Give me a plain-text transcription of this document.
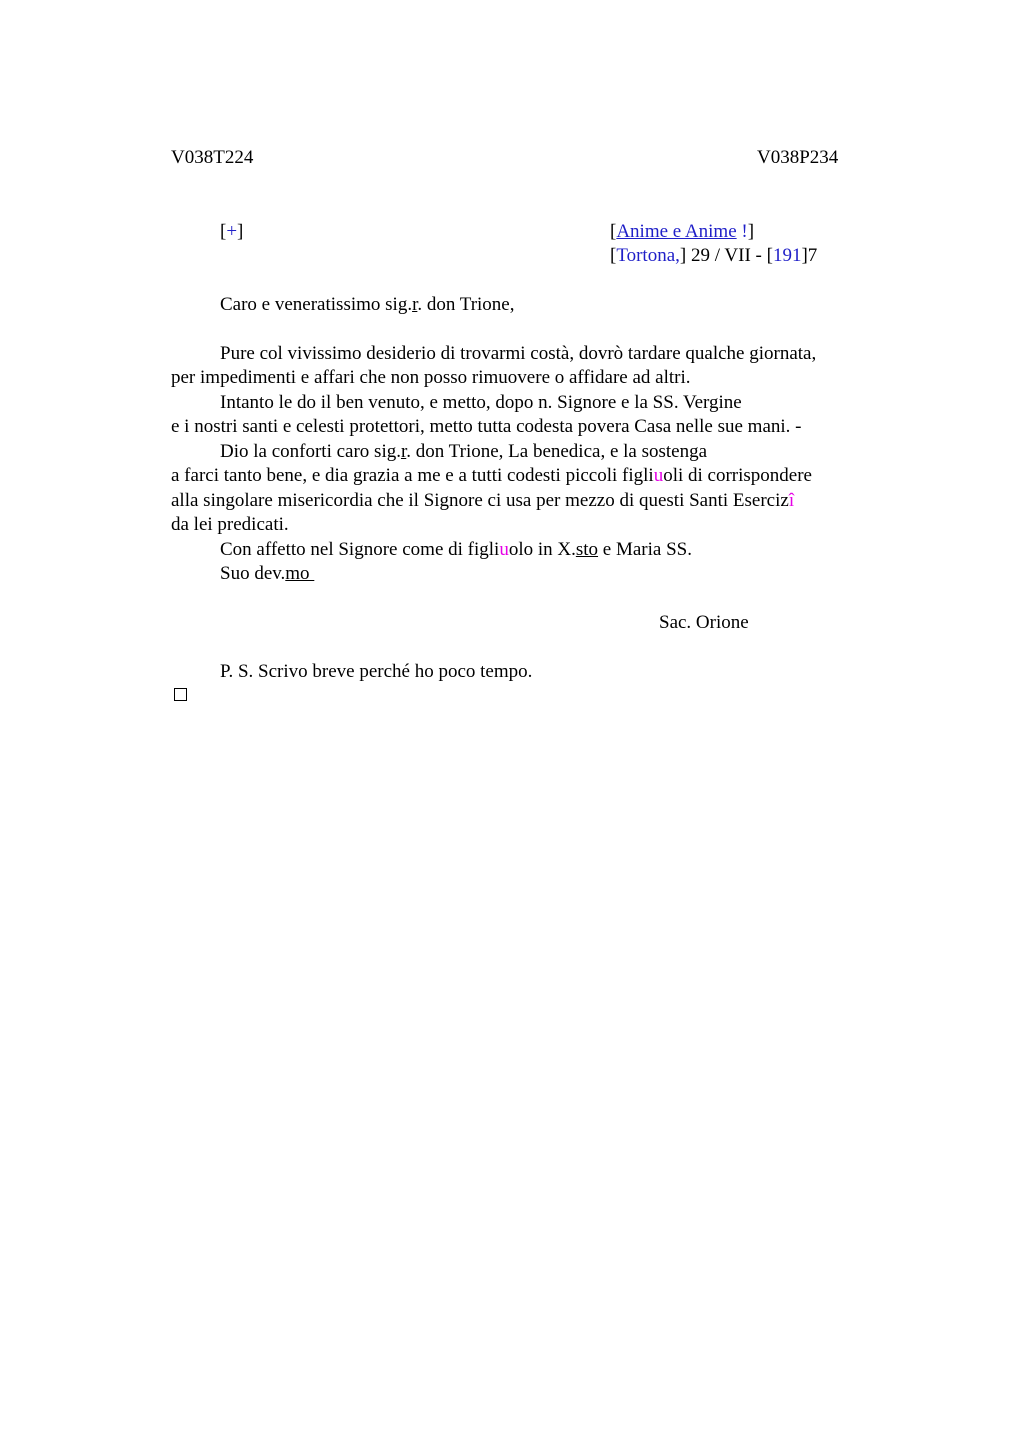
V038T224	V038P234
[+]	[Anime e Anime !]
[Tortona,] 29 / VII - [191]7
Caro e veneratissimo sig.r. don Trione,
Pure col vivissimo desiderio di trovarmi costà, dovrò tardare qualche giornata,
per impedimenti e affari che non posso rimuovere o affidare ad altri.
Intanto le do il ben venuto, e metto, dopo n. Signore e la SS. Vergine
e i nostri santi e celesti protettori, metto tutta codesta povera Casa nelle sue mani. -
Dio la conforti caro sig.r. don Trione, La benedica, e la sostenga
a farci tanto bene, e dia grazia a me e a tutti codesti piccoli figliuoli di corrispondere
alla singolare misericordia che il Signore ci usa per mezzo di questi Santi Esercizî
da lei predicati.
Con affetto nel Signore come di figliuolo in X.sto e Maria SS.
Suo dev.mo
Sac. Orione
P. S. Scrivo breve perché ho poco tempo.
